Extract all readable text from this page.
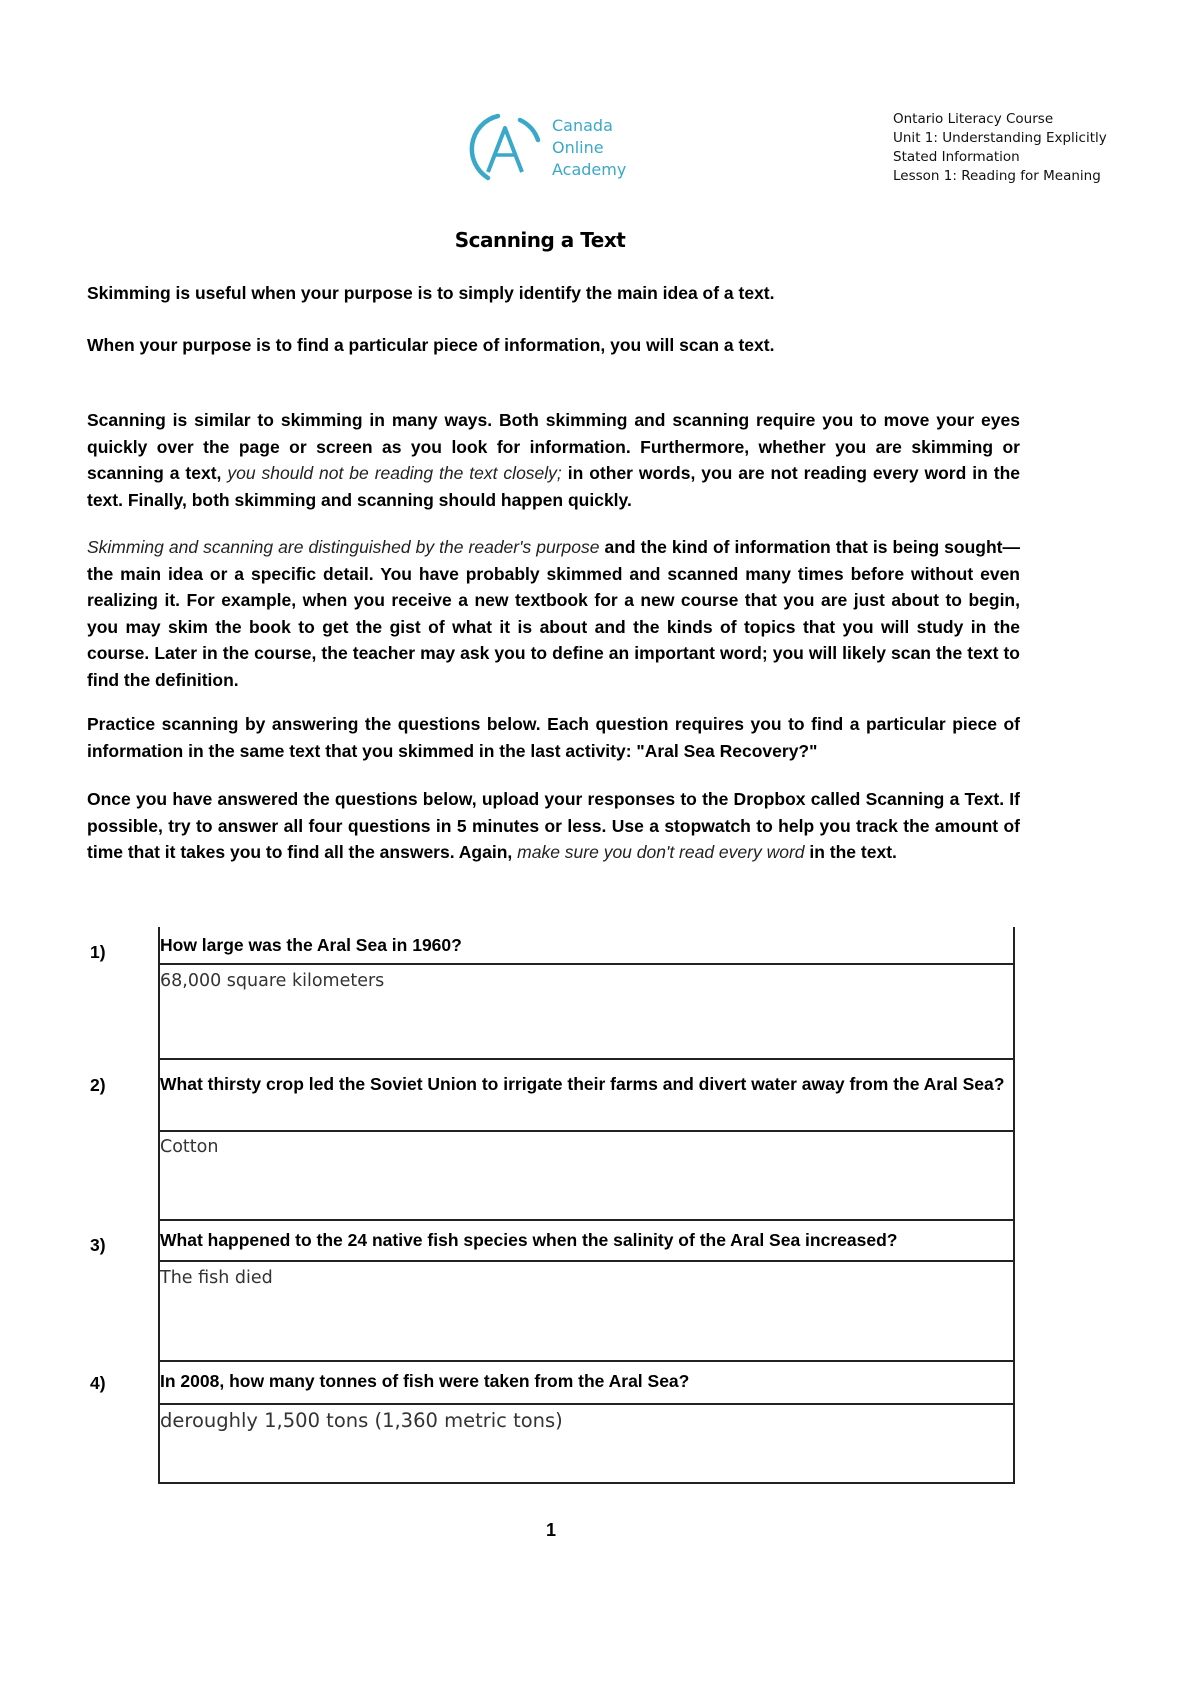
Canada
Online
Academy
Ontario Literacy Course
Unit 1: Understanding Explicitly
Stated Information
Lesson 1: Reading for Meaning
Scanning a Text
Skimming is useful when your purpose is to simply identify the main idea of a text.
When your purpose is to find a particular piece of information, you will scan a text.
Scanning is similar to skimming in many ways. Both skimming and scanning require you to move your eyes quickly over the page or screen as you look for information. Furthermore, whether you are skimming or scanning a text, you should not be reading the text closely; in other words, you are not reading every word in the text. Finally, both skimming and scanning should happen quickly.
Skimming and scanning are distinguished by the reader's purpose and the kind of information that is being sought—the main idea or a specific detail. You have probably skimmed and scanned many times before without even realizing it. For example, when you receive a new textbook for a new course that you are just about to begin, you may skim the book to get the gist of what it is about and the kinds of topics that you will study in the course. Later in the course, the teacher may ask you to define an important word; you will likely scan the text to find the definition.
Practice scanning by answering the questions below. Each question requires you to find a particular piece of information in the same text that you skimmed in the last activity: "Aral Sea Recovery?"
Once you have answered the questions below, upload your responses to the Dropbox called Scanning a Text. If possible, try to answer all four questions in 5 minutes or less. Use a stopwatch to help you track the amount of time that it takes you to find all the answers. Again, make sure you don't read every word in the text.
1)
2)
3)
4)
How large was the Aral Sea in 1960?
68,000 square kilometers
What thirsty crop led the Soviet Union to irrigate their farms and divert water away from the Aral Sea?
Cotton
What happened to the 24 native fish species when the salinity of the Aral Sea increased?
The fish died
In 2008, how many tonnes of fish were taken from the Aral Sea?
deroughly 1,500 tons (1,360 metric tons)
1
